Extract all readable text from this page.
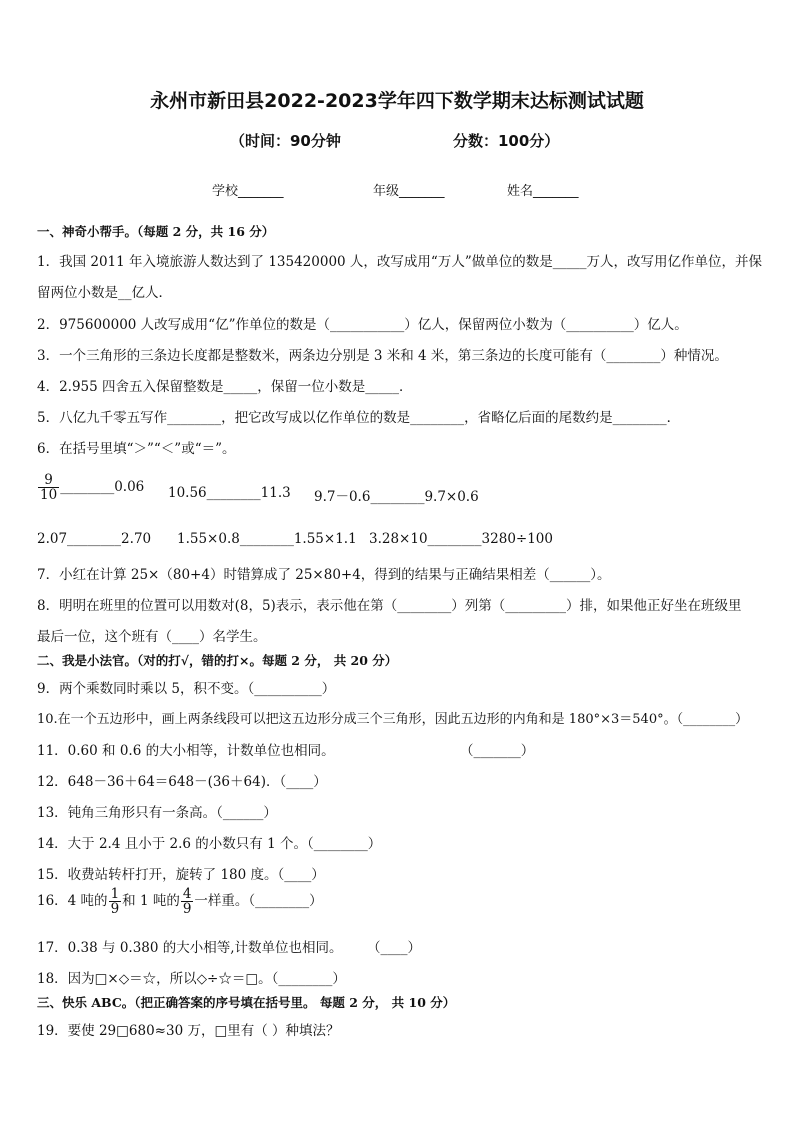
永州市新田县2022-2023学年四下数学期末达标测试试题
（时间：90分钟	分数：100分）
学校_______	年级_______	姓名_______
一、神奇小帮手。（每题 2 分，共 16 分）
1．我国 2011 年入境旅游人数达到了 135420000 人，改写成用“万人”做单位的数是_____万人，改写用亿作单位，并保
留两位小数是__亿人．
2．975600000 人改写成用“亿”作单位的数是（___________）亿人，保留两位小数为（__________）亿人。
3．一个三角形的三条边长度都是整数米，两条边分别是 3 米和 4 米，第三条边的长度可能有（________）种情况。
4．2.955 四舍五入保留整数是_____，保留一位小数是_____．
5．八亿九千零五写作________，把它改写成以亿作单位的数是________，省略亿后面的尾数约是________．
6．在括号里填“＞”“＜”或“＝”。
$\frac{9}{10}$ ________0.06 10.56________11.3 9.7－0.6________9.7×0.6
2.07________2.70 1.55×0.8________1.55×1.1 3.28×10________3280÷100
7．小红在计算 25×（80+4）时错算成了 25×80+4，得到的结果与正确结果相差（______）。
8．明明在班里的位置可以用数对(8，5)表示，表示他在第（________）列第（_________）排，如果他正好坐在班级里
最后一位，这个班有（____）名学生。
二、我是小法官。（对的打√，错的打×。每题 2 分， 共 20 分）
9．两个乘数同时乘以 5，积不变。（__________）
10.在一个五边形中，画上两条线段可以把这五边形分成三个三角形，因此五边形的内角和是 180°×3＝540°。（________）
11．0.60 和 0.6 的大小相等，计数单位也相同。	（_______）
12．648－36＋64＝648－(36＋64)．（____）
13．钝角三角形只有一条高。（______）
14．大于 2.4 且小于 2.6 的小数只有 1 个。（________）
15．收费站转杆打开，旋转了 180 度。（____）
16．4 吨的 $\frac{1}{9}$ 和 1 吨的 $\frac{4}{9}$ 一样重。（________）
17．0.38 与 0.380 的大小相等,计数单位也相同。 （____）
18．因为□×◇＝☆，所以◇÷☆＝□。（________）
三、快乐 ABC。（把正确答案的序号填在括号里。 每题 2 分， 共 10 分）
19．要使 29□680≈30 万，□里有（ ）种填法？
